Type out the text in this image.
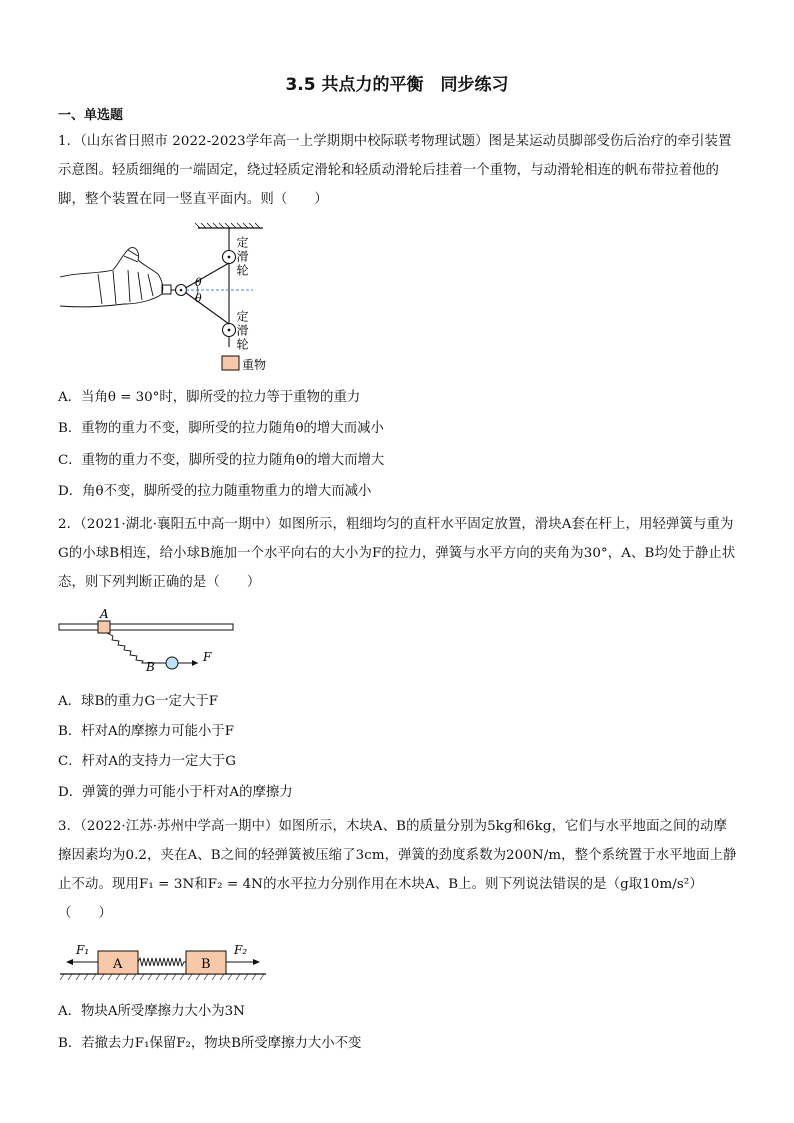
3.5 共点力的平衡　同步练习
一、单选题
1．（山东省日照市 2022-2023学年高一上学期期中校际联考物理试题）图是某运动员脚部受伤后治疗的牵引装置示意图。轻质细绳的一端固定，绕过轻质定滑轮和轻质动滑轮后挂着一个重物，与动滑轮相连的帆布带拉着他的脚，整个装置在同一竖直平面内。则（　　）
定滑轮
定滑轮
θ
θ
重物
A．当角θ = 30°时，脚所受的拉力等于重物的重力
B．重物的重力不变，脚所受的拉力随角θ的增大而减小
C．重物的重力不变，脚所受的拉力随角θ的增大而增大
D．角θ不变，脚所受的拉力随重物重力的增大而减小
2．（2021·湖北·襄阳五中高一期中）如图所示，粗细均匀的直杆水平固定放置，滑块A套在杆上，用轻弹簧与重为G的小球B相连，给小球B施加一个水平向右的大小为F的拉力，弹簧与水平方向的夹角为30°，A、B均处于静止状态，则下列判断正确的是（　　）
A
B
F
A．球B的重力G一定大于F
B．杆对A的摩擦力可能小于F
C．杆对A的支持力一定大于G
D．弹簧的弹力可能小于杆对A的摩擦力
3．（2022·江苏·苏州中学高一期中）如图所示，木块A、B的质量分别为5kg和6kg，它们与水平地面之间的动摩擦因素均为0.2，夹在A、B之间的轻弹簧被压缩了3cm，弹簧的劲度系数为200N/m，整个系统置于水平地面上静止不动。现用F₁ = 3N和F₂ = 4N的水平拉力分别作用在木块A、B上。则下列说法错误的是（g取10m/s²）（　　）
F₁	F₂
A	B
A．物块A所受摩擦力大小为3N
B．若撤去力F₁保留F₂，物块B所受摩擦力大小不变
